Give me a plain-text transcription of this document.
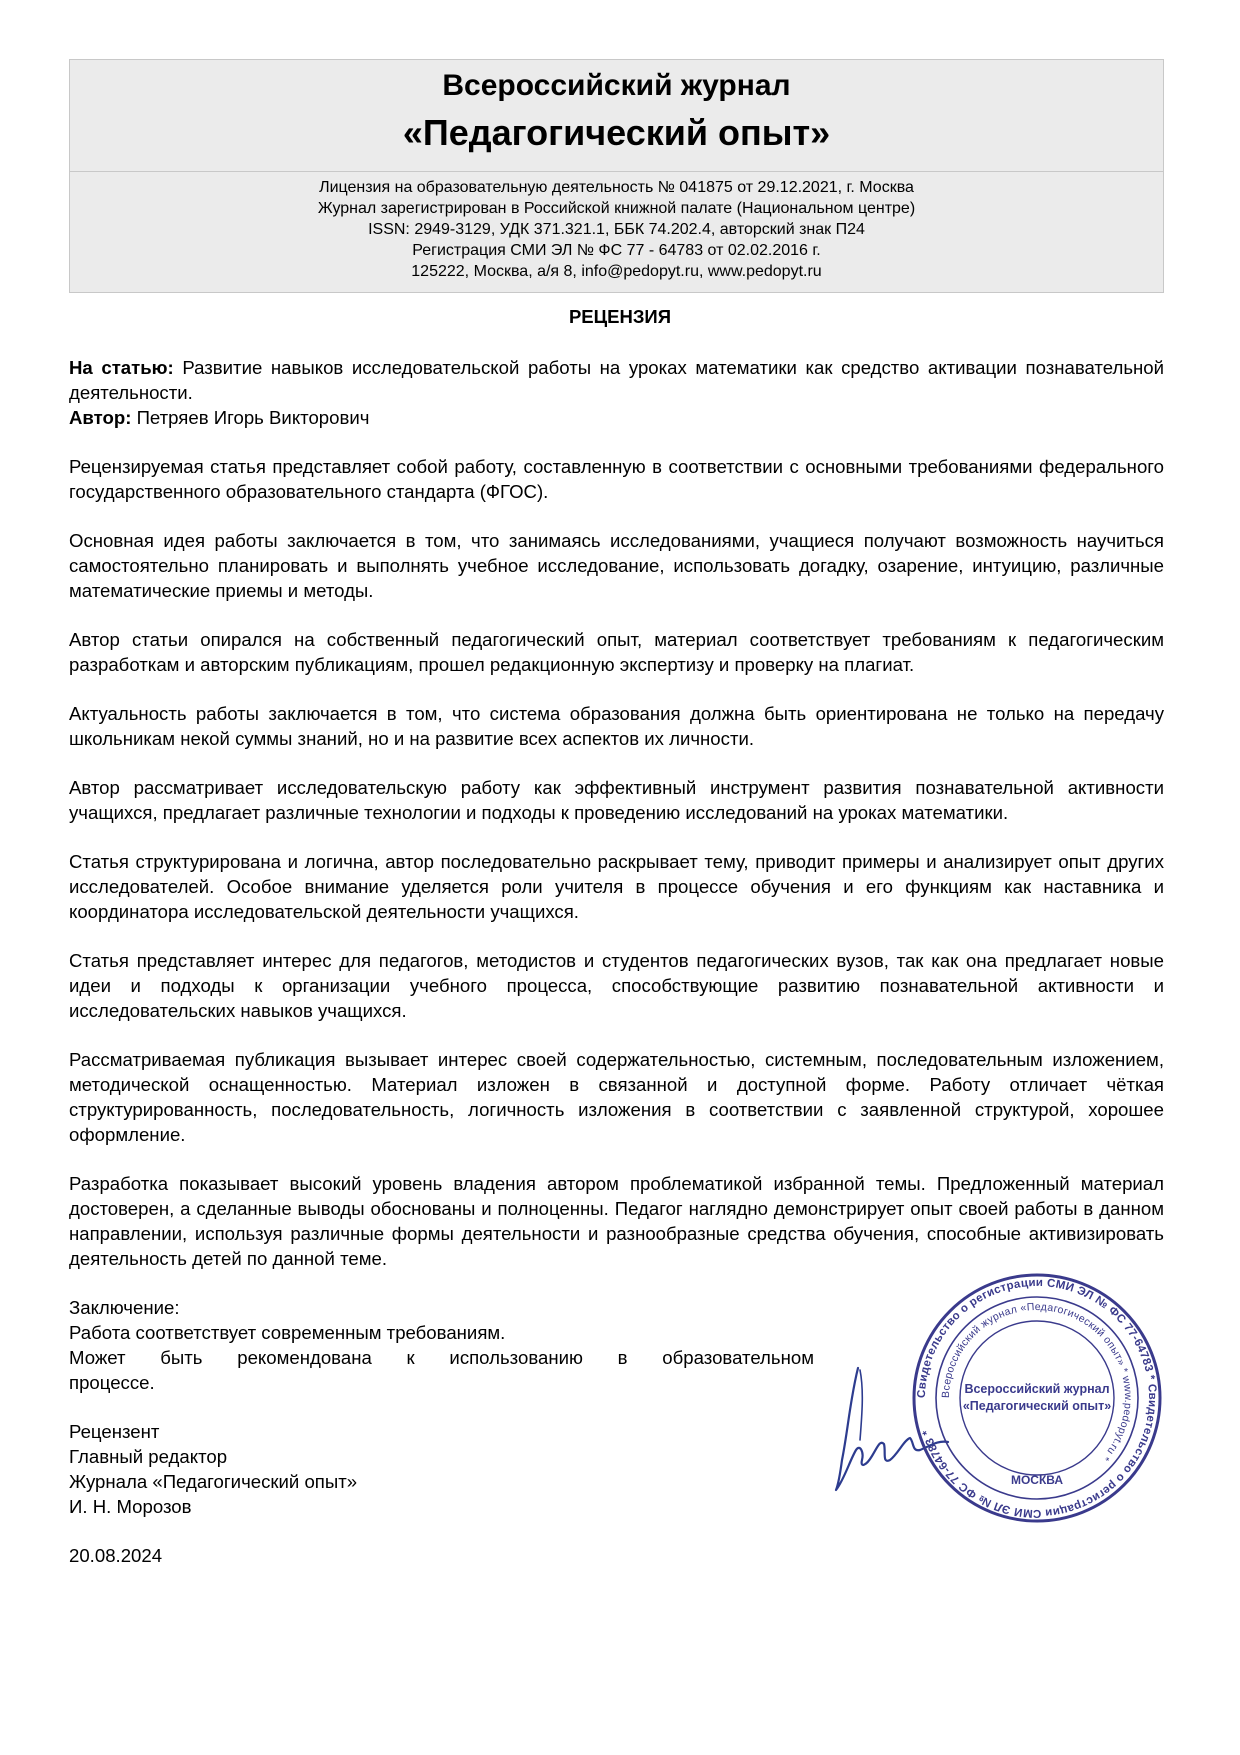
Всероссийский журнал
«Педагогический опыт»
Лицензия на образовательную деятельность № 041875 от 29.12.2021, г. Москва
Журнал зарегистрирован в Российской книжной палате (Национальном центре)
ISSN: 2949-3129, УДК 371.321.1, ББК 74.202.4, авторский знак П24
Регистрация СМИ ЭЛ № ФС 77 - 64783 от 02.02.2016 г.
125222, Москва, а/я 8, info@pedopyt.ru, www.pedopyt.ru
РЕЦЕНЗИЯ

На статью: Развитие навыков исследовательской работы на уроках математики как средство активации познавательной деятельности.

Автор: Петряев Игорь Викторович

Рецензируемая статья представляет собой работу, составленную в соответствии с основными требованиями федерального государственного образовательного стандарта (ФГОС).

Основная идея работы заключается в том, что занимаясь исследованиями, учащиеся получают возможность научиться самостоятельно планировать и выполнять учебное исследование, использовать догадку, озарение, интуицию, различные математические приемы и методы.

Автор статьи опирался на собственный педагогический опыт, материал соответствует требованиям к педагогическим разработкам и авторским публикациям, прошел редакционную экспертизу и проверку на плагиат.

Актуальность работы заключается в том, что система образования должна быть ориентирована не только на передачу школьникам некой суммы знаний, но и на развитие всех аспектов их личности.

Автор рассматривает исследовательскую работу как эффективный инструмент развития познавательной активности учащихся, предлагает различные технологии и подходы к проведению исследований на уроках математики.

Статья структурирована и логична, автор последовательно раскрывает тему, приводит примеры и анализирует опыт других исследователей. Особое внимание уделяется роли учителя в процессе обучения и его функциям как наставника и координатора исследовательской деятельности учащихся.

Статья представляет интерес для педагогов, методистов и студентов педагогических вузов, так как она предлагает новые идеи и подходы к организации учебного процесса, способствующие развитию познавательной активности и исследовательских навыков учащихся.

Рассматриваемая публикация вызывает интерес своей содержательностью, системным, последовательным изложением, методической оснащенностью. Материал изложен в связанной и доступной форме. Работу отличает чёткая структурированность, последовательность, логичность изложения в соответствии с заявленной структурой, хорошее оформление.

Разработка показывает высокий уровень владения автором проблематикой избранной темы. Предложенный материал достоверен, а сделанные выводы обоснованы и полноценны. Педагог наглядно демонстрирует опыт своей работы в данном направлении, используя различные формы деятельности и разнообразные средства обучения, способные активизировать деятельность детей по данной теме.

Заключение:
Работа соответствует современным требованиям.
Может быть рекомендована к использованию в образовательном
процессе.
Рецензент
Главный редактор
Журнала «Педагогический опыт»
И. Н. Морозов
20.08.2024
Свидетельство о регистрации СМИ ЭЛ № ФС 77-64783 * Свидетельство о регистрации СМИ ЭЛ № ФС 77-64783 *
Всероссийский журнал «Педагогический опыт» * www.pedopyt.ru *
Всероссийский журнал
«Педагогический опыт»
МОСКВА
